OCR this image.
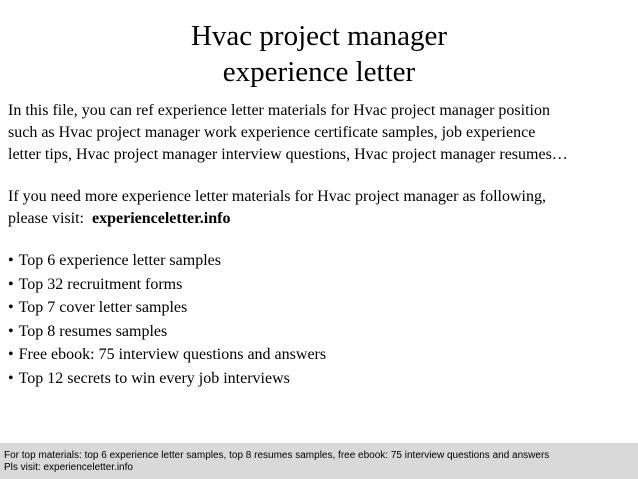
Hvac project manager
experience letter
In this file, you can ref experience letter materials for Hvac project manager position
such as Hvac project manager work experience certificate samples, job experience
letter tips, Hvac project manager interview questions, Hvac project manager resumes…
If you need more experience letter materials for Hvac project manager as following,
please visit:  experienceletter.info
• Top 6 experience letter samples
• Top 32 recruitment forms
• Top 7 cover letter samples
• Top 8 resumes samples
• Free ebook: 75 interview questions and answers
• Top 12 secrets to win every job interviews
For top materials: top 6 experience letter samples, top 8 resumes samples, free ebook: 75 interview questions and answers
Pls visit: experienceletter.info
